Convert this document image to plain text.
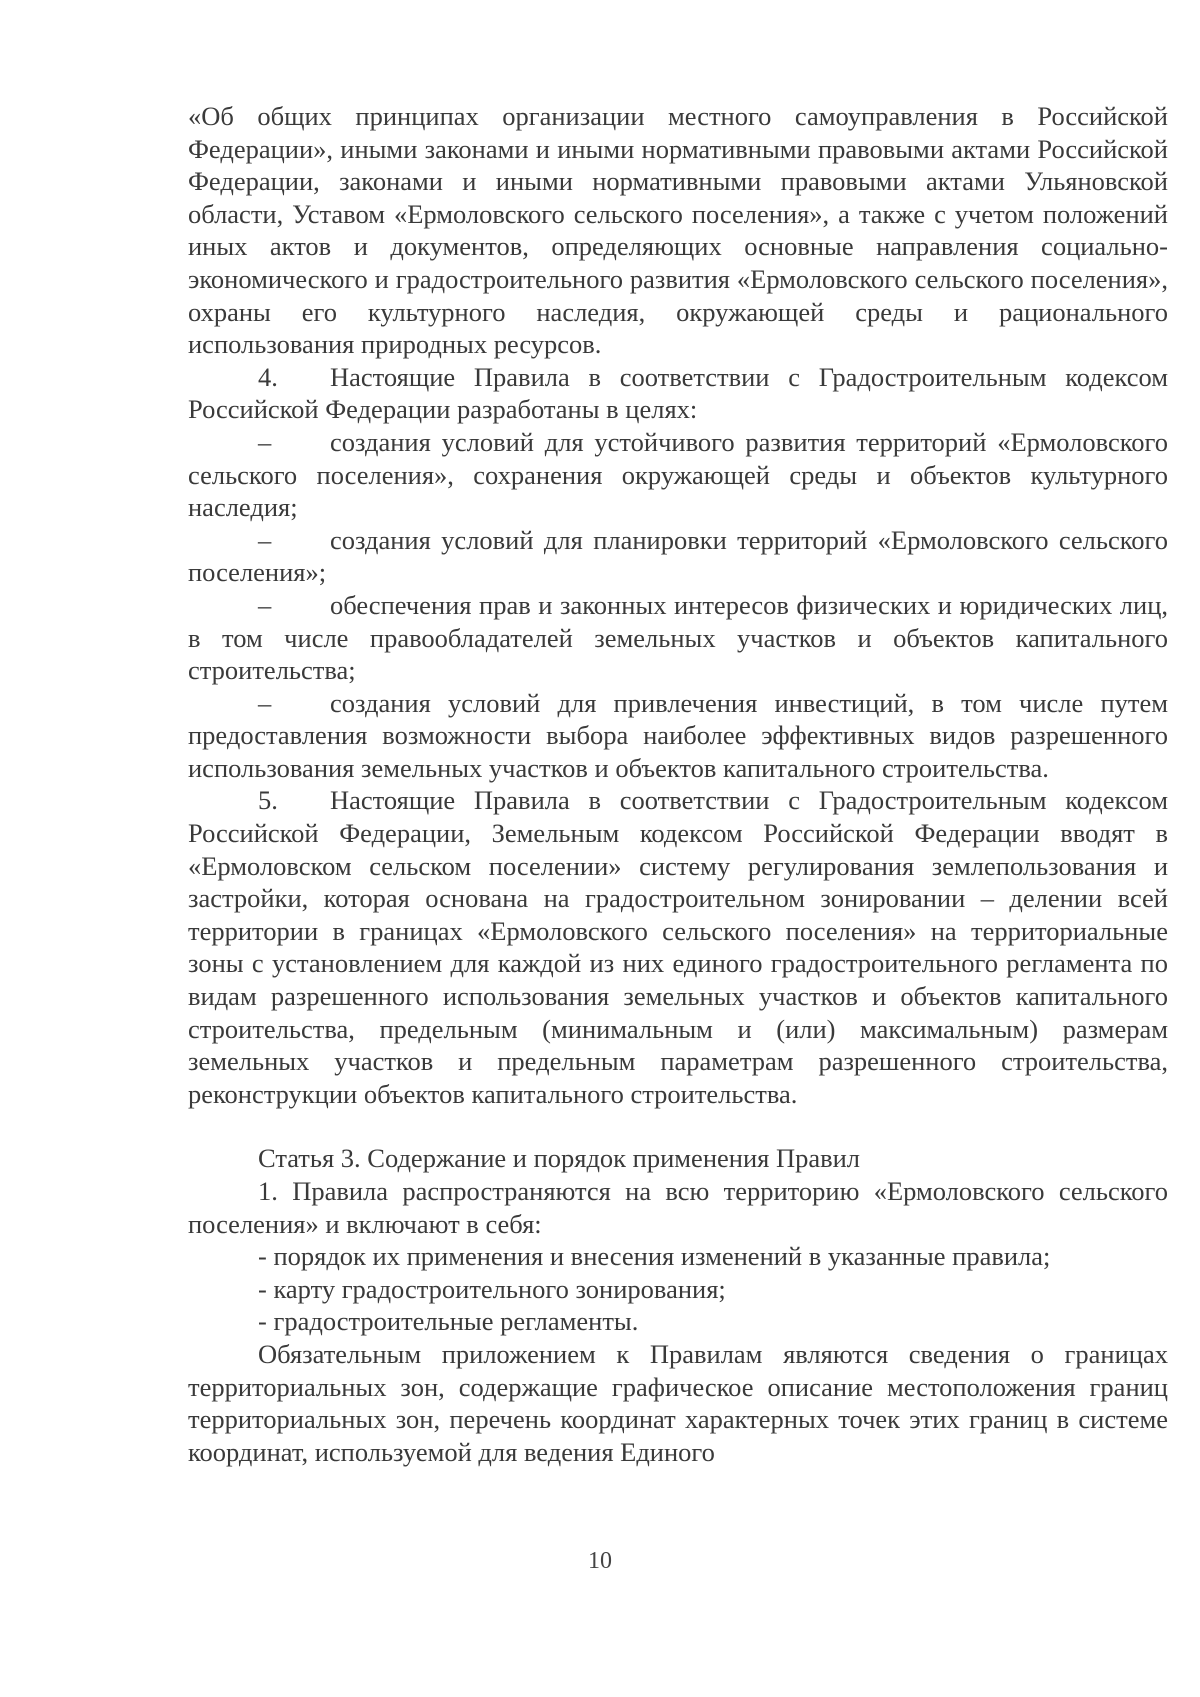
«Об общих принципах организации местного самоуправления в Российской Федерации», иными законами и иными нормативными правовыми актами Российской Федерации, законами и иными нормативными правовыми актами Ульяновской области, Уставом «Ермоловского сельского поселения», а также с учетом положений иных актов и документов, определяющих основные направления социально-экономического и градостроительного развития «Ермоловского сельского поселения», охраны его культурного наследия, окружающей среды и рационального использования природных ресурсов.

4. Настоящие Правила в соответствии с Градостроительным кодексом Российской Федерации разработаны в целях:

– создания условий для устойчивого развития территорий «Ермоловского сельского поселения», сохранения окружающей среды и объектов культурного наследия;

– создания условий для планировки территорий «Ермоловского сельского поселения»;

– обеспечения прав и законных интересов физических и юридических лиц, в том числе правообладателей земельных участков и объектов капитального строительства;

– создания условий для привлечения инвестиций, в том числе путем предоставления возможности выбора наиболее эффективных видов разрешенного использования земельных участков и объектов капитального строительства.

5. Настоящие Правила в соответствии с Градостроительным кодексом Российской Федерации, Земельным кодексом Российской Федерации вводят в «Ермоловском сельском поселении» систему регулирования землепользования и застройки, которая основана на градостроительном зонировании – делении всей территории в границах «Ермоловского сельского поселения» на территориальные зоны с установлением для каждой из них единого градостроительного регламента по видам разрешенного использования земельных участков и объектов капитального строительства, предельным (минимальным и (или) максимальным) размерам земельных участков и предельным параметрам разрешенного строительства, реконструкции объектов капитального строительства.

Статья 3. Содержание и порядок применения Правил

1. Правила распространяются на всю территорию «Ермоловского сельского поселения» и включают в себя:

- порядок их применения и внесения изменений в указанные правила;

- карту градостроительного зонирования;

- градостроительные регламенты.

Обязательным приложением к Правилам являются сведения о границах территориальных зон, содержащие графическое описание местоположения границ территориальных зон, перечень координат характерных точек этих границ в системе координат, используемой для ведения Единого

10
